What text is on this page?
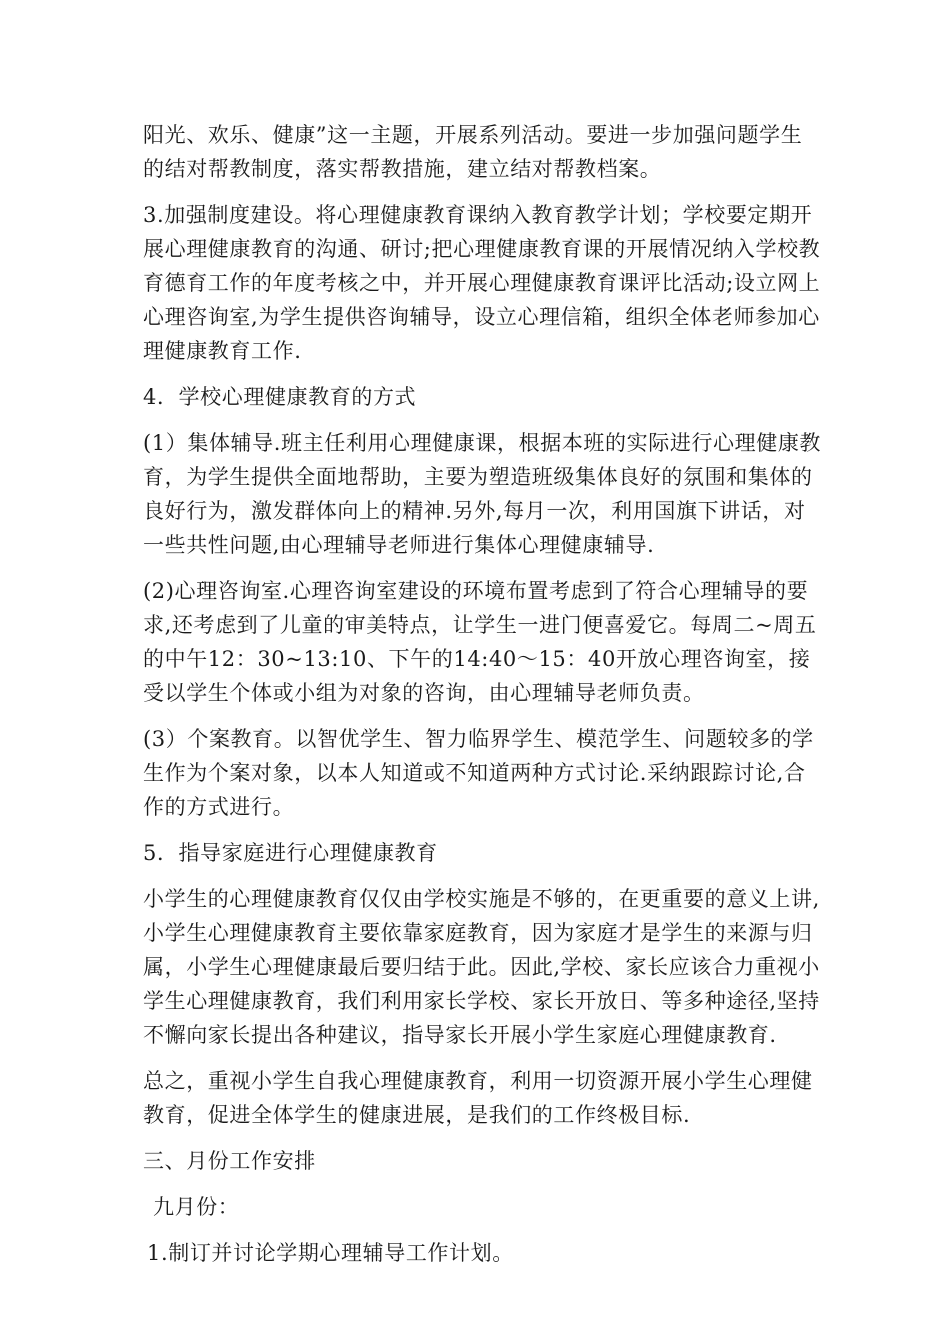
阳光、欢乐、健康”这一主题，开展系列活动。要进一步加强问题学生的结对帮教制度，落实帮教措施，建立结对帮教档案。

3.加强制度建设。将心理健康教育课纳入教育教学计划；学校要定期开展心理健康教育的沟通、研讨;把心理健康教育课的开展情况纳入学校教育德育工作的年度考核之中，并开展心理健康教育课评比活动;设立网上心理咨询室,为学生提供咨询辅导，设立心理信箱，组织全体老师参加心理健康教育工作.

4．学校心理健康教育的方式

(1）集体辅导.班主任利用心理健康课，根据本班的实际进行心理健康教育，为学生提供全面地帮助，主要为塑造班级集体良好的氛围和集体的良好行为，激发群体向上的精神.另外,每月一次，利用国旗下讲话，对一些共性问题,由心理辅导老师进行集体心理健康辅导.

(2)心理咨询室.心理咨询室建设的环境布置考虑到了符合心理辅导的要求,还考虑到了儿童的审美特点，让学生一进门便喜爱它。每周二~周五的中午12：30~13:10、下午的14:40～15：40开放心理咨询室，接受以学生个体或小组为对象的咨询，由心理辅导老师负责。

(3）个案教育。以智优学生、智力临界学生、模范学生、问题较多的学生作为个案对象，以本人知道或不知道两种方式讨论.采纳跟踪讨论,合作的方式进行。

5．指导家庭进行心理健康教育

小学生的心理健康教育仅仅由学校实施是不够的，在更重要的意义上讲,小学生心理健康教育主要依靠家庭教育，因为家庭才是学生的来源与归属，小学生心理健康最后要归结于此。因此,学校、家长应该合力重视小学生心理健康教育，我们利用家长学校、家长开放日、等多种途径,坚持不懈向家长提出各种建议，指导家长开展小学生家庭心理健康教育.

总之，重视小学生自我心理健康教育，利用一切资源开展小学生心理健教育，促进全体学生的健康进展，是我们的工作终极目标.

三、月份工作安排

九月份：

1.制订并讨论学期心理辅导工作计划。
